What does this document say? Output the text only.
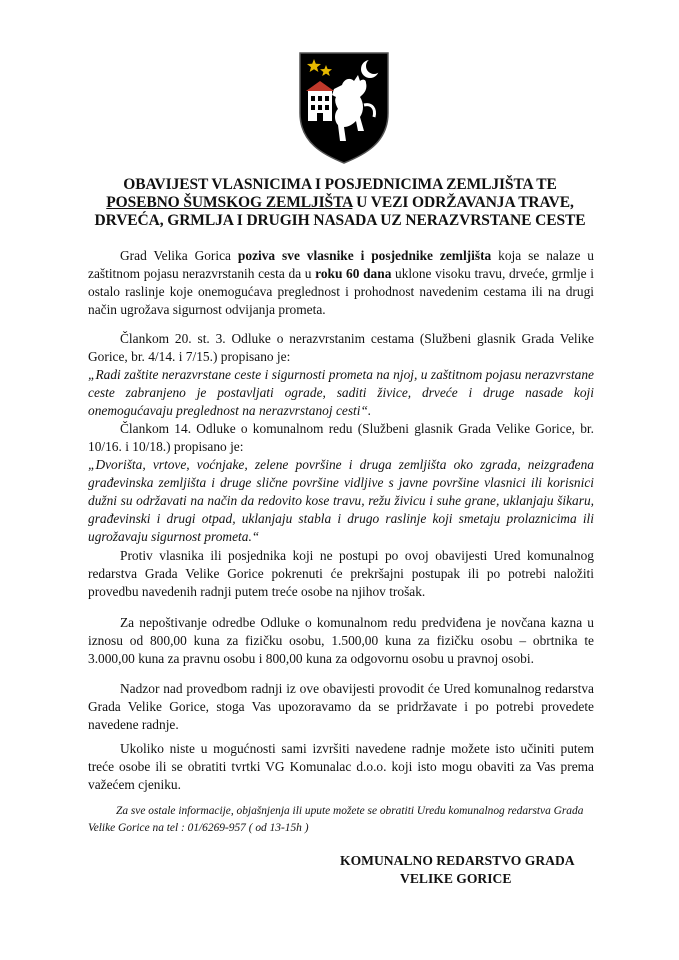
OBAVIJEST VLASNICIMA I POSJEDNICIMA ZEMLJIŠTA TE
POSEBNO ŠUMSKOG ZEMLJIŠTA U VEZI ODRŽAVANJA TRAVE,
DRVEĆA, GRMLJA I DRUGIH NASADA UZ NERAZVRSTANE CESTE
Grad Velika Gorica poziva sve vlasnike i posjednike zemljišta koja se nalaze u zaštitnom pojasu nerazvrstanih cesta da u roku 60 dana uklone visoku travu, drveće, grmlje i ostalo raslinje koje onemogućava preglednost i prohodnost navedenim cestama ili na drugi način ugrožava sigurnost odvijanja prometa.
Člankom 20. st. 3. Odluke o nerazvrstanim cestama (Službeni glasnik Grada Velike Gorice, br. 4/14. i 7/15.) propisano je:
„Radi zaštite nerazvrstane ceste i sigurnosti prometa na njoj, u zaštitnom pojasu nerazvrstane ceste zabranjeno je postavljati ograde, saditi živice, drveće i druge nasade koji onemogućavaju preglednost na nerazvrstanoj cesti“.
Člankom 14. Odluke o komunalnom redu (Službeni glasnik Grada Velike Gorice, br. 10/16. i 10/18.) propisano je:
„Dvorišta, vrtove, voćnjake, zelene površine i druga zemljišta oko zgrada, neizgrađena građevinska zemljišta i druge slične površine vidljive s javne površine vlasnici ili korisnici dužni su održavati na način da redovito kose travu, režu živicu i suhe grane, uklanjaju šikaru, građevinski i drugi otpad, uklanjaju stabla i drugo raslinje koji smetaju prolaznicima ili ugrožavaju sigurnost prometa.“
Protiv vlasnika ili posjednika koji ne postupi po ovoj obavijesti Ured komunalnog redarstva Grada Velike Gorice pokrenuti će prekršajni postupak ili po potrebi naložiti provedbu navedenih radnji putem treće osobe na njihov trošak.
Za nepoštivanje odredbe Odluke o komunalnom redu predviđena je novčana kazna u iznosu od 800,00 kuna za fizičku osobu, 1.500,00 kuna za fizičku osobu – obrtnika te 3.000,00 kuna za pravnu osobu i 800,00 kuna za odgovornu osobu u pravnoj osobi.
Nadzor nad provedbom radnji iz ove obavijesti provodit će Ured komunalnog redarstva Grada Velike Gorice, stoga Vas upozoravamo da se pridržavate i po potrebi provedete navedene radnje.
Ukoliko niste u mogućnosti sami izvršiti navedene radnje možete isto učiniti putem treće osobe ili se obratiti tvrtki VG Komunalac d.o.o. koji isto mogu obaviti za Vas prema važećem cjeniku.
Za sve ostale informacije, objašnjenja ili upute možete se obratiti Uredu komunalnog redarstva Grada
Velike Gorice na tel : 01/6269-957 ( od 13-15h )
KOMUNALNO REDARSTVO GRADA
VELIKE GORICE
